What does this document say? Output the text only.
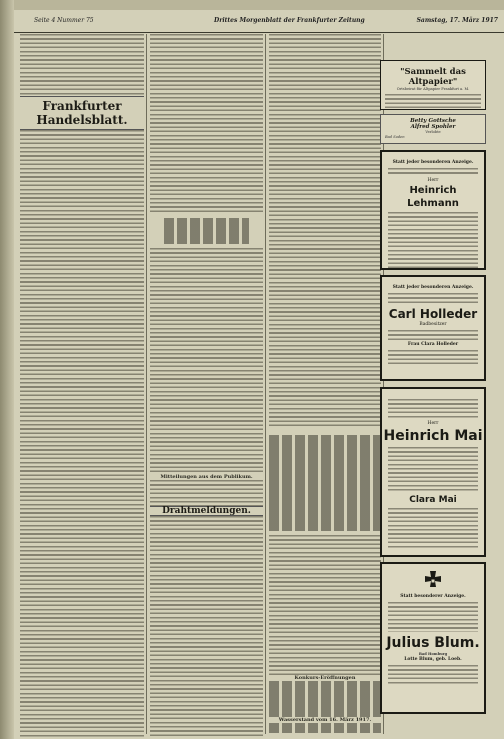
Seite 4 Nummer 75	Drittes Morgenblatt der Frankfurter Zeitung	Samstag, 17. März 1917
Frankfurter Handelsblatt.
Mitteilungen aus dem Publikum.
Drahtmeldungen.
Konkurs-Eröffnungen
Wasserstand vom 16. März 1917.
"Sammelt das Altpapier"
Ortsbeirat für Altpapier Frankfurt a. M.
Betty Gottsche
Alfred Spohler
Verlobte
Bad Soden
Statt jeder besonderen Anzeige.
Herr
Heinrich Lehmann
Statt jeder besonderen Anzeige.
Carl Holleder
Badbesitzer
Frau Clara Holleder
Herr
Heinrich Mai
Clara Mai
Statt besonderer Anzeige.
Julius Blum.
Bad Homburg
Lotte Blum, geb. Loeb.
